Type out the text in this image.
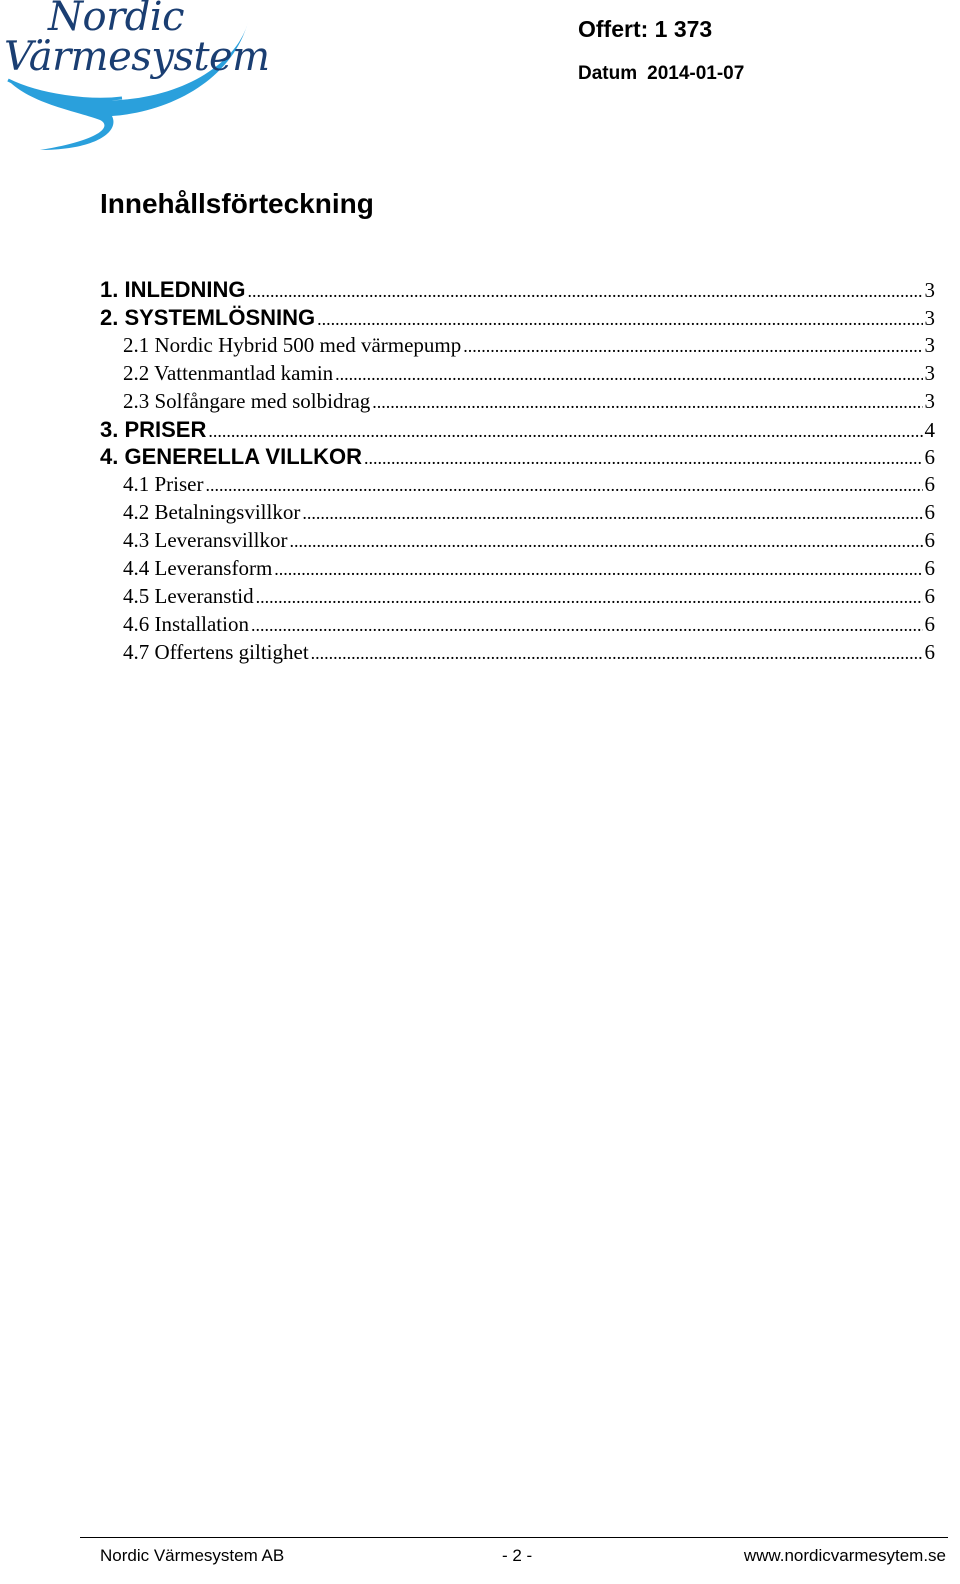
Nordic
Värmesystem
Offert: 1 373
Datum 2014-01-07
Innehållsförteckning
1. INLEDNING .....	3
2. SYSTEMLÖSNING .....	3
2.1 Nordic Hybrid 500 med värmepump .....	3
2.2 Vattenmantlad kamin .....	3
2.3 Solfångare med solbidrag .....	3
3. PRISER .....	4
4. GENERELLA VILLKOR .....	6
4.1 Priser .....	6
4.2 Betalningsvillkor .....	6
4.3 Leveransvillkor .....	6
4.4 Leveransform .....	6
4.5 Leveranstid .....	6
4.6 Installation .....	6
4.7 Offertens giltighet .....	6
Nordic Värmesystem AB	- 2 -	www.nordicvarmesytem.se
